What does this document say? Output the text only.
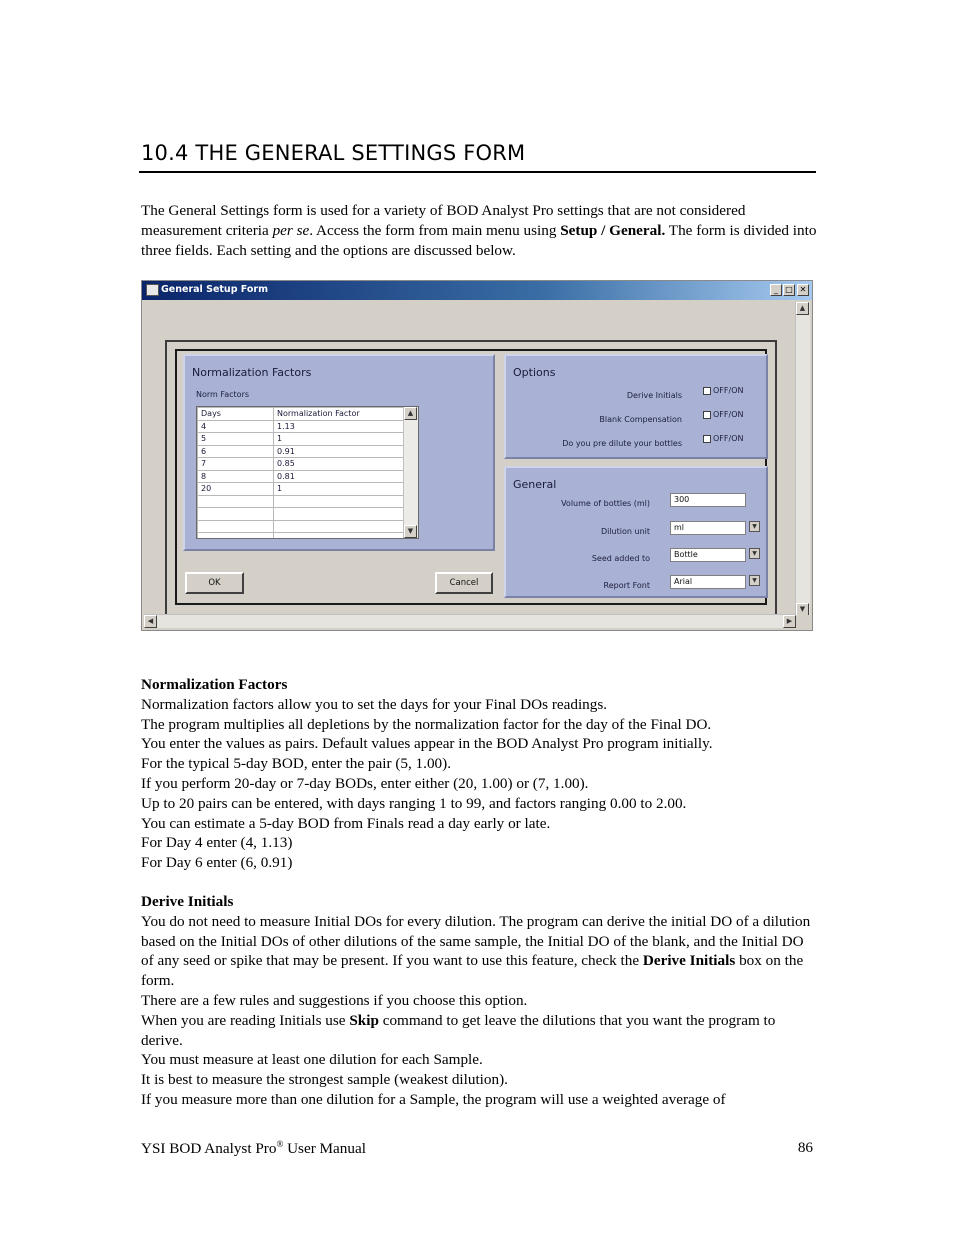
10.4 THE GENERAL SETTINGS FORM

The General Settings form is used for a variety of BOD Analyst Pro settings that are not considered measurement criteria per se. Access the form from main menu using Setup / General. The form is divided into three fields. Each setting and the options are discussed below.

General Setup Form	_ □ ✕
Normalization Factors
Norm Factors
Days	Normalization Factor
4	1.13
5	1
6	0.91
7	0.85
8	0.81
20	1

▲
▼
Options
Derive Initials
OFF/ON
Blank Compensation
OFF/ON
Do you pre dilute your bottles
OFF/ON
General
Volume of bottles (ml)	300
Dilution unit	ml	▼
Seed added to	Bottle	▼
Report Font	Arial	▼
OK	Cancel
▲
▼
◀	▶
Normalization Factors
Normalization factors allow you to set the days for your Final DOs readings.
The program multiplies all depletions by the normalization factor for the day of the Final DO.
You enter the values as pairs. Default values appear in the BOD Analyst Pro program initially.
For the typical 5-day BOD, enter the pair (5, 1.00).
If you perform 20-day or 7-day BODs, enter either (20, 1.00) or (7, 1.00).
Up to 20 pairs can be entered, with days ranging 1 to 99, and factors ranging 0.00 to 2.00.
You can estimate a 5-day BOD from Finals read a day early or late.
For Day 4 enter (4, 1.13)
For Day 6 enter (6, 0.91)
Derive Initials
You do not need to measure Initial DOs for every dilution. The program can derive the initial DO of a dilution based on the Initial DOs of other dilutions of the same sample, the Initial DO of the blank, and the Initial DO of any seed or spike that may be present. If you want to use this feature, check the Derive Initials box on the form.
There are a few rules and suggestions if you choose this option.
When you are reading Initials use Skip command to get leave the dilutions that you want the program to derive.
You must measure at least one dilution for each Sample.
It is best to measure the strongest sample (weakest dilution).
If you measure more than one dilution for a Sample, the program will use a weighted average of
YSI BOD Analyst Pro® User Manual	86
